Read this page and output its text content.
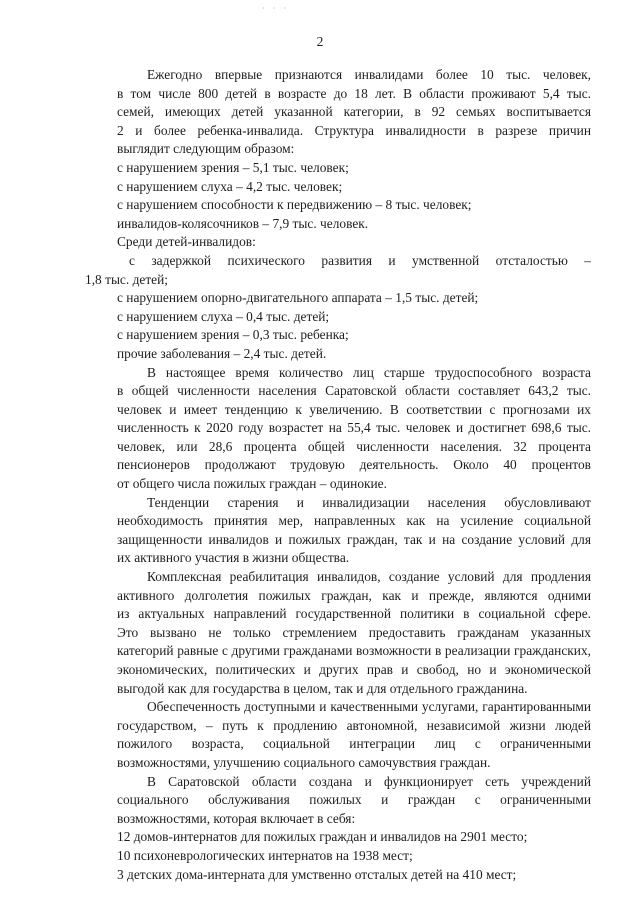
· · ·
2

Ежегодно впервые признаются инвалидами более 10 тыс. человек,
в том числе 800 детей в возрасте до 18 лет. В области проживают 5,4 тыс.
семей, имеющих детей указанной категории, в 92 семьях воспитывается
2 и более ребенка-инвалида. Структура инвалидности в разрезе причин
выглядит следующим образом:

с нарушением зрения – 5,1 тыс. человек;

с нарушением слуха – 4,2 тыс. человек;

с нарушением способности к передвижению – 8 тыс. человек;

инвалидов-колясочников – 7,9 тыс. человек.

Среди детей-инвалидов:

с задержкой психического развития и умственной отсталостью –

1,8 тыс. детей;

с нарушением опорно-двигательного аппарата – 1,5 тыс. детей;

с нарушением слуха – 0,4 тыс. детей;

с нарушением зрения – 0,3 тыс. ребенка;

прочие заболевания – 2,4 тыс. детей.

В настоящее время количество лиц старше трудоспособного возраста
в общей численности населения Саратовской области составляет 643,2 тыс.
человек и имеет тенденцию к увеличению. В соответствии с прогнозами их
численность к 2020 году возрастет на 55,4 тыс. человек и достигнет 698,6 тыс.
человек, или 28,6 процента общей численности населения. 32 процента
пенсионеров продолжают трудовую деятельность. Около 40 процентов
от общего числа пожилых граждан – одинокие.

Тенденции старения и инвалидизации населения обусловливают
необходимость принятия мер, направленных как на усиление социальной
защищенности инвалидов и пожилых граждан, так и на создание условий для
их активного участия в жизни общества.

Комплексная реабилитация инвалидов, создание условий для продления
активного долголетия пожилых граждан, как и прежде, являются одними
из актуальных направлений государственной политики в социальной сфере.
Это вызвано не только стремлением предоставить гражданам указанных
категорий равные с другими гражданами возможности в реализации гражданских,
экономических, политических и других прав и свобод, но и экономической
выгодой как для государства в целом, так и для отдельного гражданина.

Обеспеченность доступными и качественными услугами, гарантированными
государством, – путь к продлению автономной, независимой жизни людей
пожилого возраста, социальной интеграции лиц с ограниченными
возможностями, улучшению социального самочувствия граждан.

В Саратовской области создана и функционирует сеть учреждений
социального обслуживания пожилых и граждан с ограниченными
возможностями, которая включает в себя:

12 домов-интернатов для пожилых граждан и инвалидов на 2901 место;

10 психоневрологических интернатов на 1938 мест;

3 детских дома-интерната для умственно отсталых детей на 410 мест;
